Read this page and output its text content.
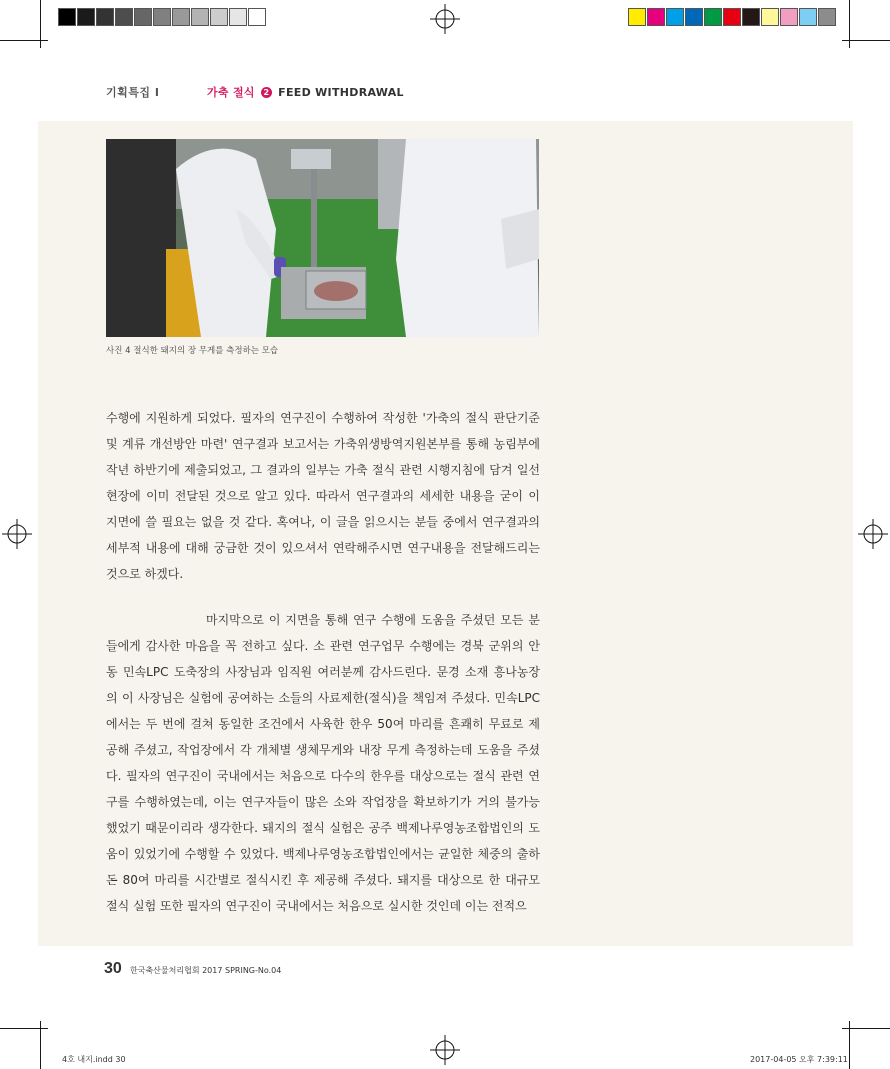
기획특집 I	가축 절식 2 FEED WITHDRAWAL
사진 4 절식한 돼지의 장 무게를 측정하는 모습
수행에 지원하게 되었다. 필자의 연구진이 수행하여 작성한 '가축의 절식 판단기준
및 계류 개선방안 마련' 연구결과 보고서는 가축위생방역지원본부를 통해 농림부에
작년 하반기에 제출되었고, 그 결과의 일부는 가축 절식 관련 시행지침에 담겨 일선
현장에 이미 전달된 것으로 알고 있다. 따라서 연구결과의 세세한 내용을 굳이 이
지면에 쓸 필요는 없을 것 같다. 혹여나, 이 글을 읽으시는 분들 중에서 연구결과의
세부적 내용에 대해 궁금한 것이 있으셔서 연락해주시면 연구내용을 전달해드리는
것으로 하겠다.
마지막으로 이 지면을 통해 연구 수행에 도움을 주셨던 모든 분
들에게 감사한 마음을 꼭 전하고 싶다. 소 관련 연구업무 수행에는 경북 군위의 안
동 민속LPC 도축장의 사장님과 임직원 여러분께 감사드린다. 문경 소재 흥나농장
의 이 사장님은 실험에 공여하는 소들의 사료제한(절식)을 책임져 주셨다. 민속LPC
에서는 두 번에 걸쳐 동일한 조건에서 사육한 한우 50여 마리를 흔쾌히 무료로 제
공해 주셨고, 작업장에서 각 개체별 생체무게와 내장 무게 측정하는데 도움을 주셨
다. 필자의 연구진이 국내에서는 처음으로 다수의 한우를 대상으로는 절식 관련 연
구를 수행하였는데, 이는 연구자들이 많은 소와 작업장을 확보하기가 거의 불가능
했었기 때문이리라 생각한다. 돼지의 절식 실험은 공주 백제나루영농조합법인의 도
움이 있었기에 수행할 수 있었다. 백제나루영농조합법인에서는 균일한 체중의 출하
돈 80여 마리를 시간별로 절식시킨 후 제공해 주셨다. 돼지를 대상으로 한 대규모
절식 실험 또한 필자의 연구진이 국내에서는 처음으로 실시한 것인데 이는 전적으
30 한국축산물처리협회 2017 SPRING-No.04
4호 내지.indd 30	2017-04-05 오후 7:39:11
